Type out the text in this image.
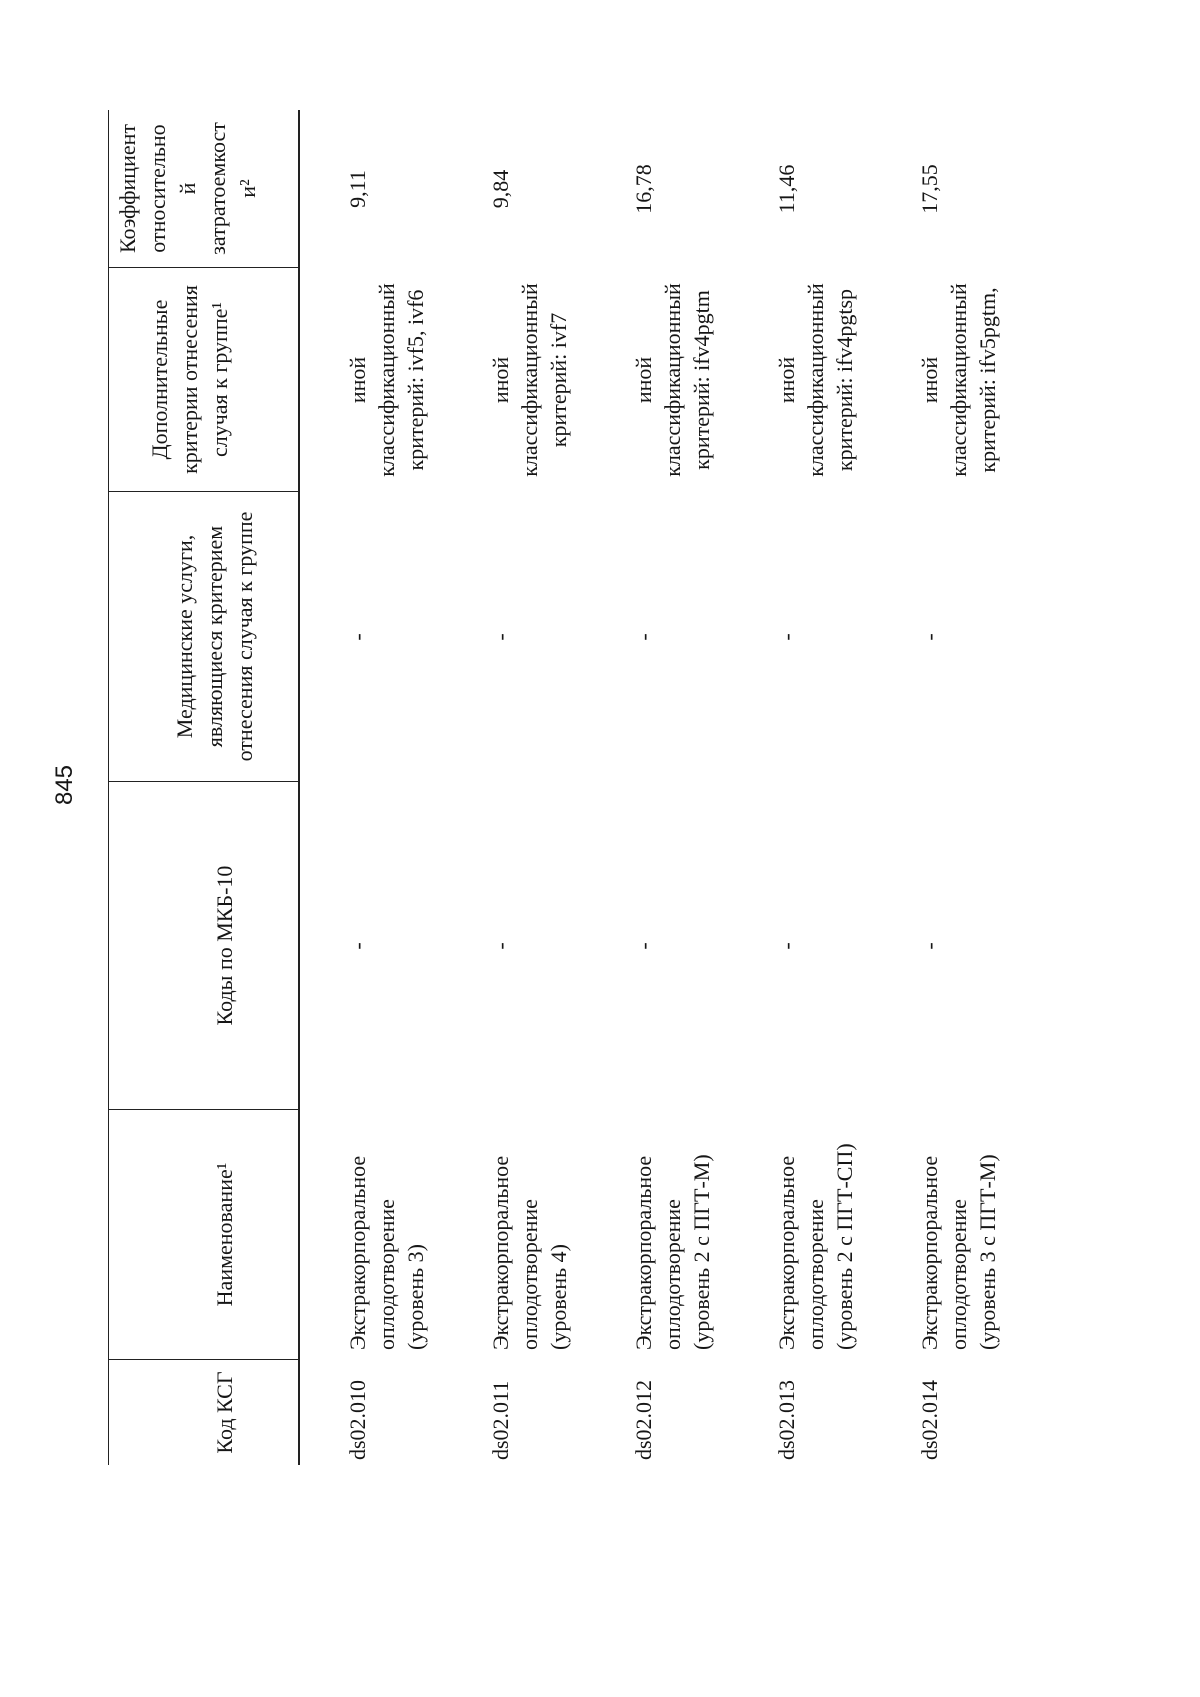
845
Код КСГ
Наименование¹
Коды по МКБ-10
Медицинские услуги, являющиеся критерием отнесения случая к группе
Дополнительные критерии отнесения случая к группе¹
Коэффициент относительно й затратоемкост и²
ds02.010
Экстракорпоральное оплодотворение (уровень 3)
-
-
иной классификационный критерий: ivf5, ivf6
9,11
ds02.011
Экстракорпоральное оплодотворение (уровень 4)
-
-
иной классификационный критерий: ivf7
9,84
ds02.012
Экстракорпоральное оплодотворение (уровень 2 с ПГТ-М)
-
-
иной классификационный критерий: ifv4pgtm
16,78
ds02.013
Экстракорпоральное оплодотворение (уровень 2 с ПГТ-СП)
-
-
иной классификационный критерий: ifv4pgtsp
11,46
ds02.014
Экстракорпоральное оплодотворение (уровень 3 с ПГТ-М)
-
-
иной классификационный критерий: ifv5pgtm,
17,55
